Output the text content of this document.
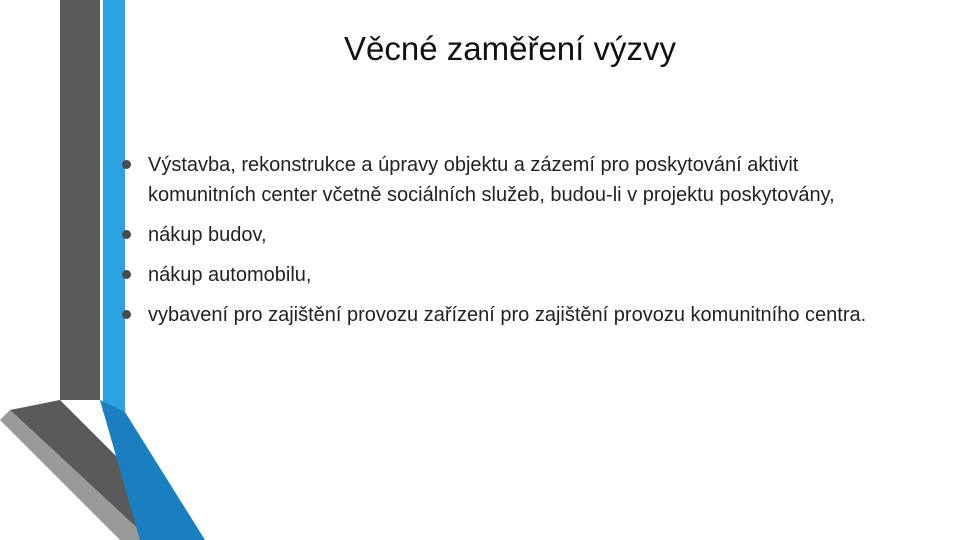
Věcné zaměření výzvy
Výstavba, rekonstrukce a úpravy objektu a zázemí pro poskytování aktivit komunitních center včetně sociálních služeb, budou-li v projektu poskytovány,
nákup budov,
nákup automobilu,
vybavení pro zajištění provozu zařízení pro zajištění provozu komunitního centra.
